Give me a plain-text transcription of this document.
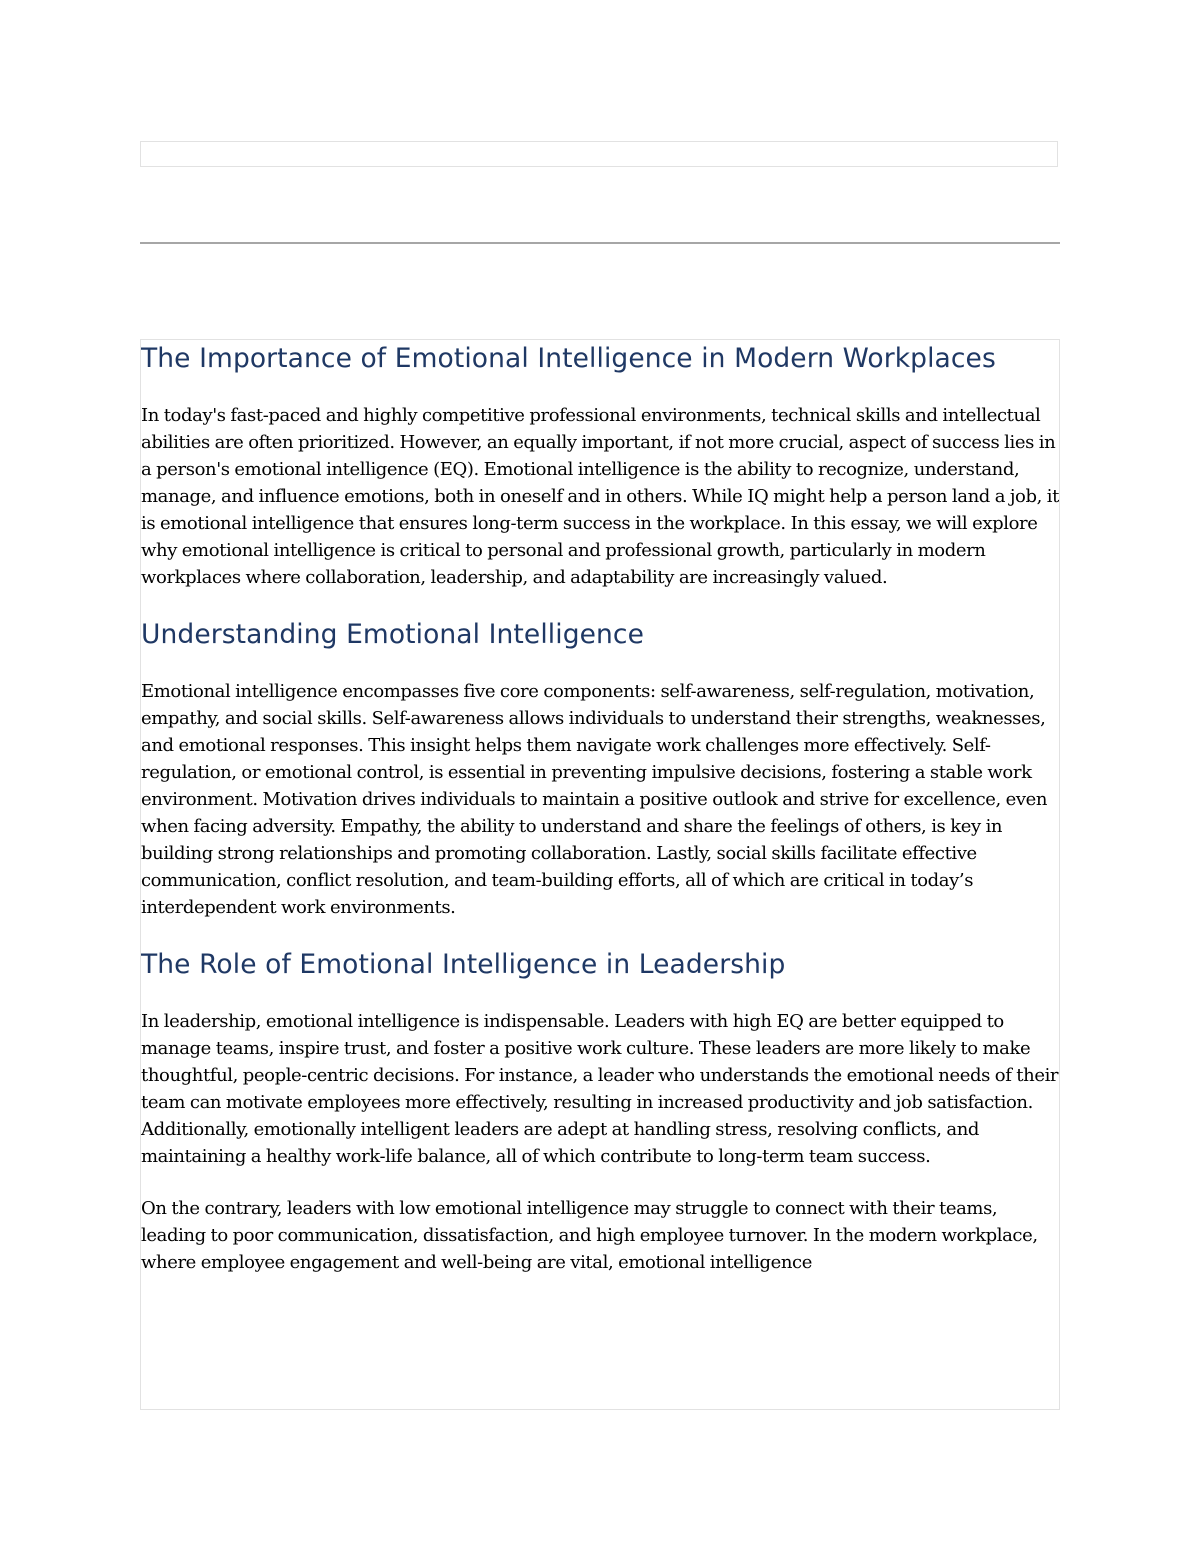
The Importance of Emotional Intelligence in Modern Workplaces

In today's fast-paced and highly competitive professional environments, technical skills and intellectual abilities are often prioritized. However, an equally important, if not more crucial, aspect of success lies in a person's emotional intelligence (EQ). Emotional intelligence is the ability to recognize, understand, manage, and influence emotions, both in oneself and in others. While IQ might help a person land a job, it is emotional intelligence that ensures long-term success in the workplace. In this essay, we will explore why emotional intelligence is critical to personal and professional growth, particularly in modern workplaces where collaboration, leadership, and adaptability are increasingly valued.

Understanding Emotional Intelligence

Emotional intelligence encompasses five core components: self-awareness, self-regulation, motivation, empathy, and social skills. Self-awareness allows individuals to understand their strengths, weaknesses, and emotional responses. This insight helps them navigate work challenges more effectively. Self-regulation, or emotional control, is essential in preventing impulsive decisions, fostering a stable work environment. Motivation drives individuals to maintain a positive outlook and strive for excellence, even when facing adversity. Empathy, the ability to understand and share the feelings of others, is key in building strong relationships and promoting collaboration. Lastly, social skills facilitate effective communication, conflict resolution, and team-building efforts, all of which are critical in today’s interdependent work environments.

The Role of Emotional Intelligence in Leadership

In leadership, emotional intelligence is indispensable. Leaders with high EQ are better equipped to manage teams, inspire trust, and foster a positive work culture. These leaders are more likely to make thoughtful, people-centric decisions. For instance, a leader who understands the emotional needs of their team can motivate employees more effectively, resulting in increased productivity and job satisfaction. Additionally, emotionally intelligent leaders are adept at handling stress, resolving conflicts, and maintaining a healthy work-life balance, all of which contribute to long-term team success.

On the contrary, leaders with low emotional intelligence may struggle to connect with their teams, leading to poor communication, dissatisfaction, and high employee turnover. In the modern workplace, where employee engagement and well-being are vital, emotional intelligence
